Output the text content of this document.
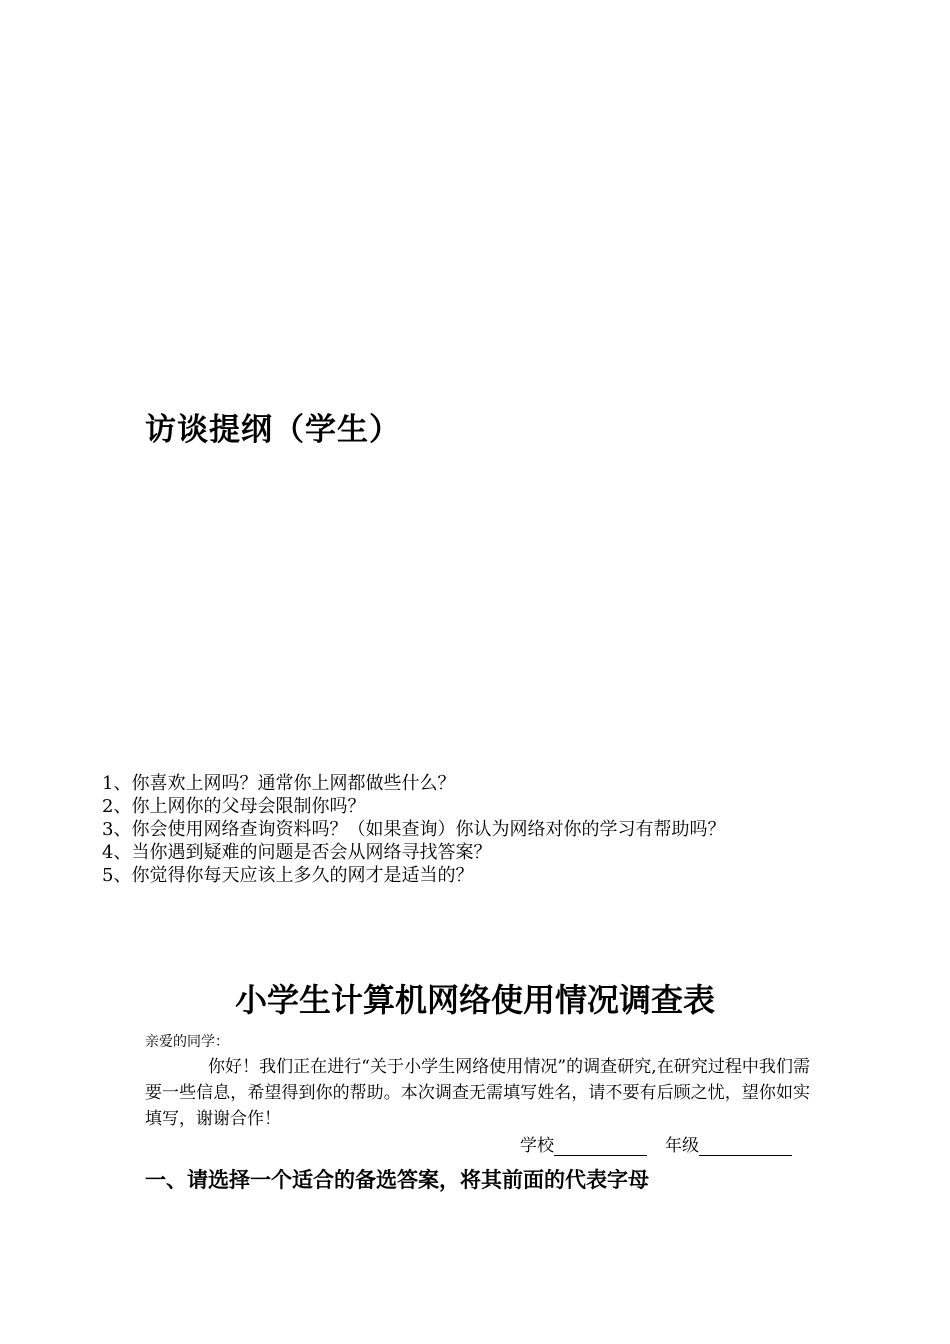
访谈提纲（学生）
1、你喜欢上网吗？通常你上网都做些什么？
2、你上网你的父母会限制你吗？
3、你会使用网络查询资料吗？（如果查询）你认为网络对你的学习有帮助吗？
4、当你遇到疑难的问题是否会从网络寻找答案？
5、你觉得你每天应该上多久的网才是适当的？
小学生计算机网络使用情况调查表
亲爱的同学：

你好！我们正在进行“关于小学生网络使用情况”的调查研究,在研究过程中我们需要一些信息，希望得到你的帮助。本次调查无需填写姓名，请不要有后顾之忧，望你如实填写，谢谢合作！

学校	年级
一、请选择一个适合的备选答案，将其前面的代表字母
